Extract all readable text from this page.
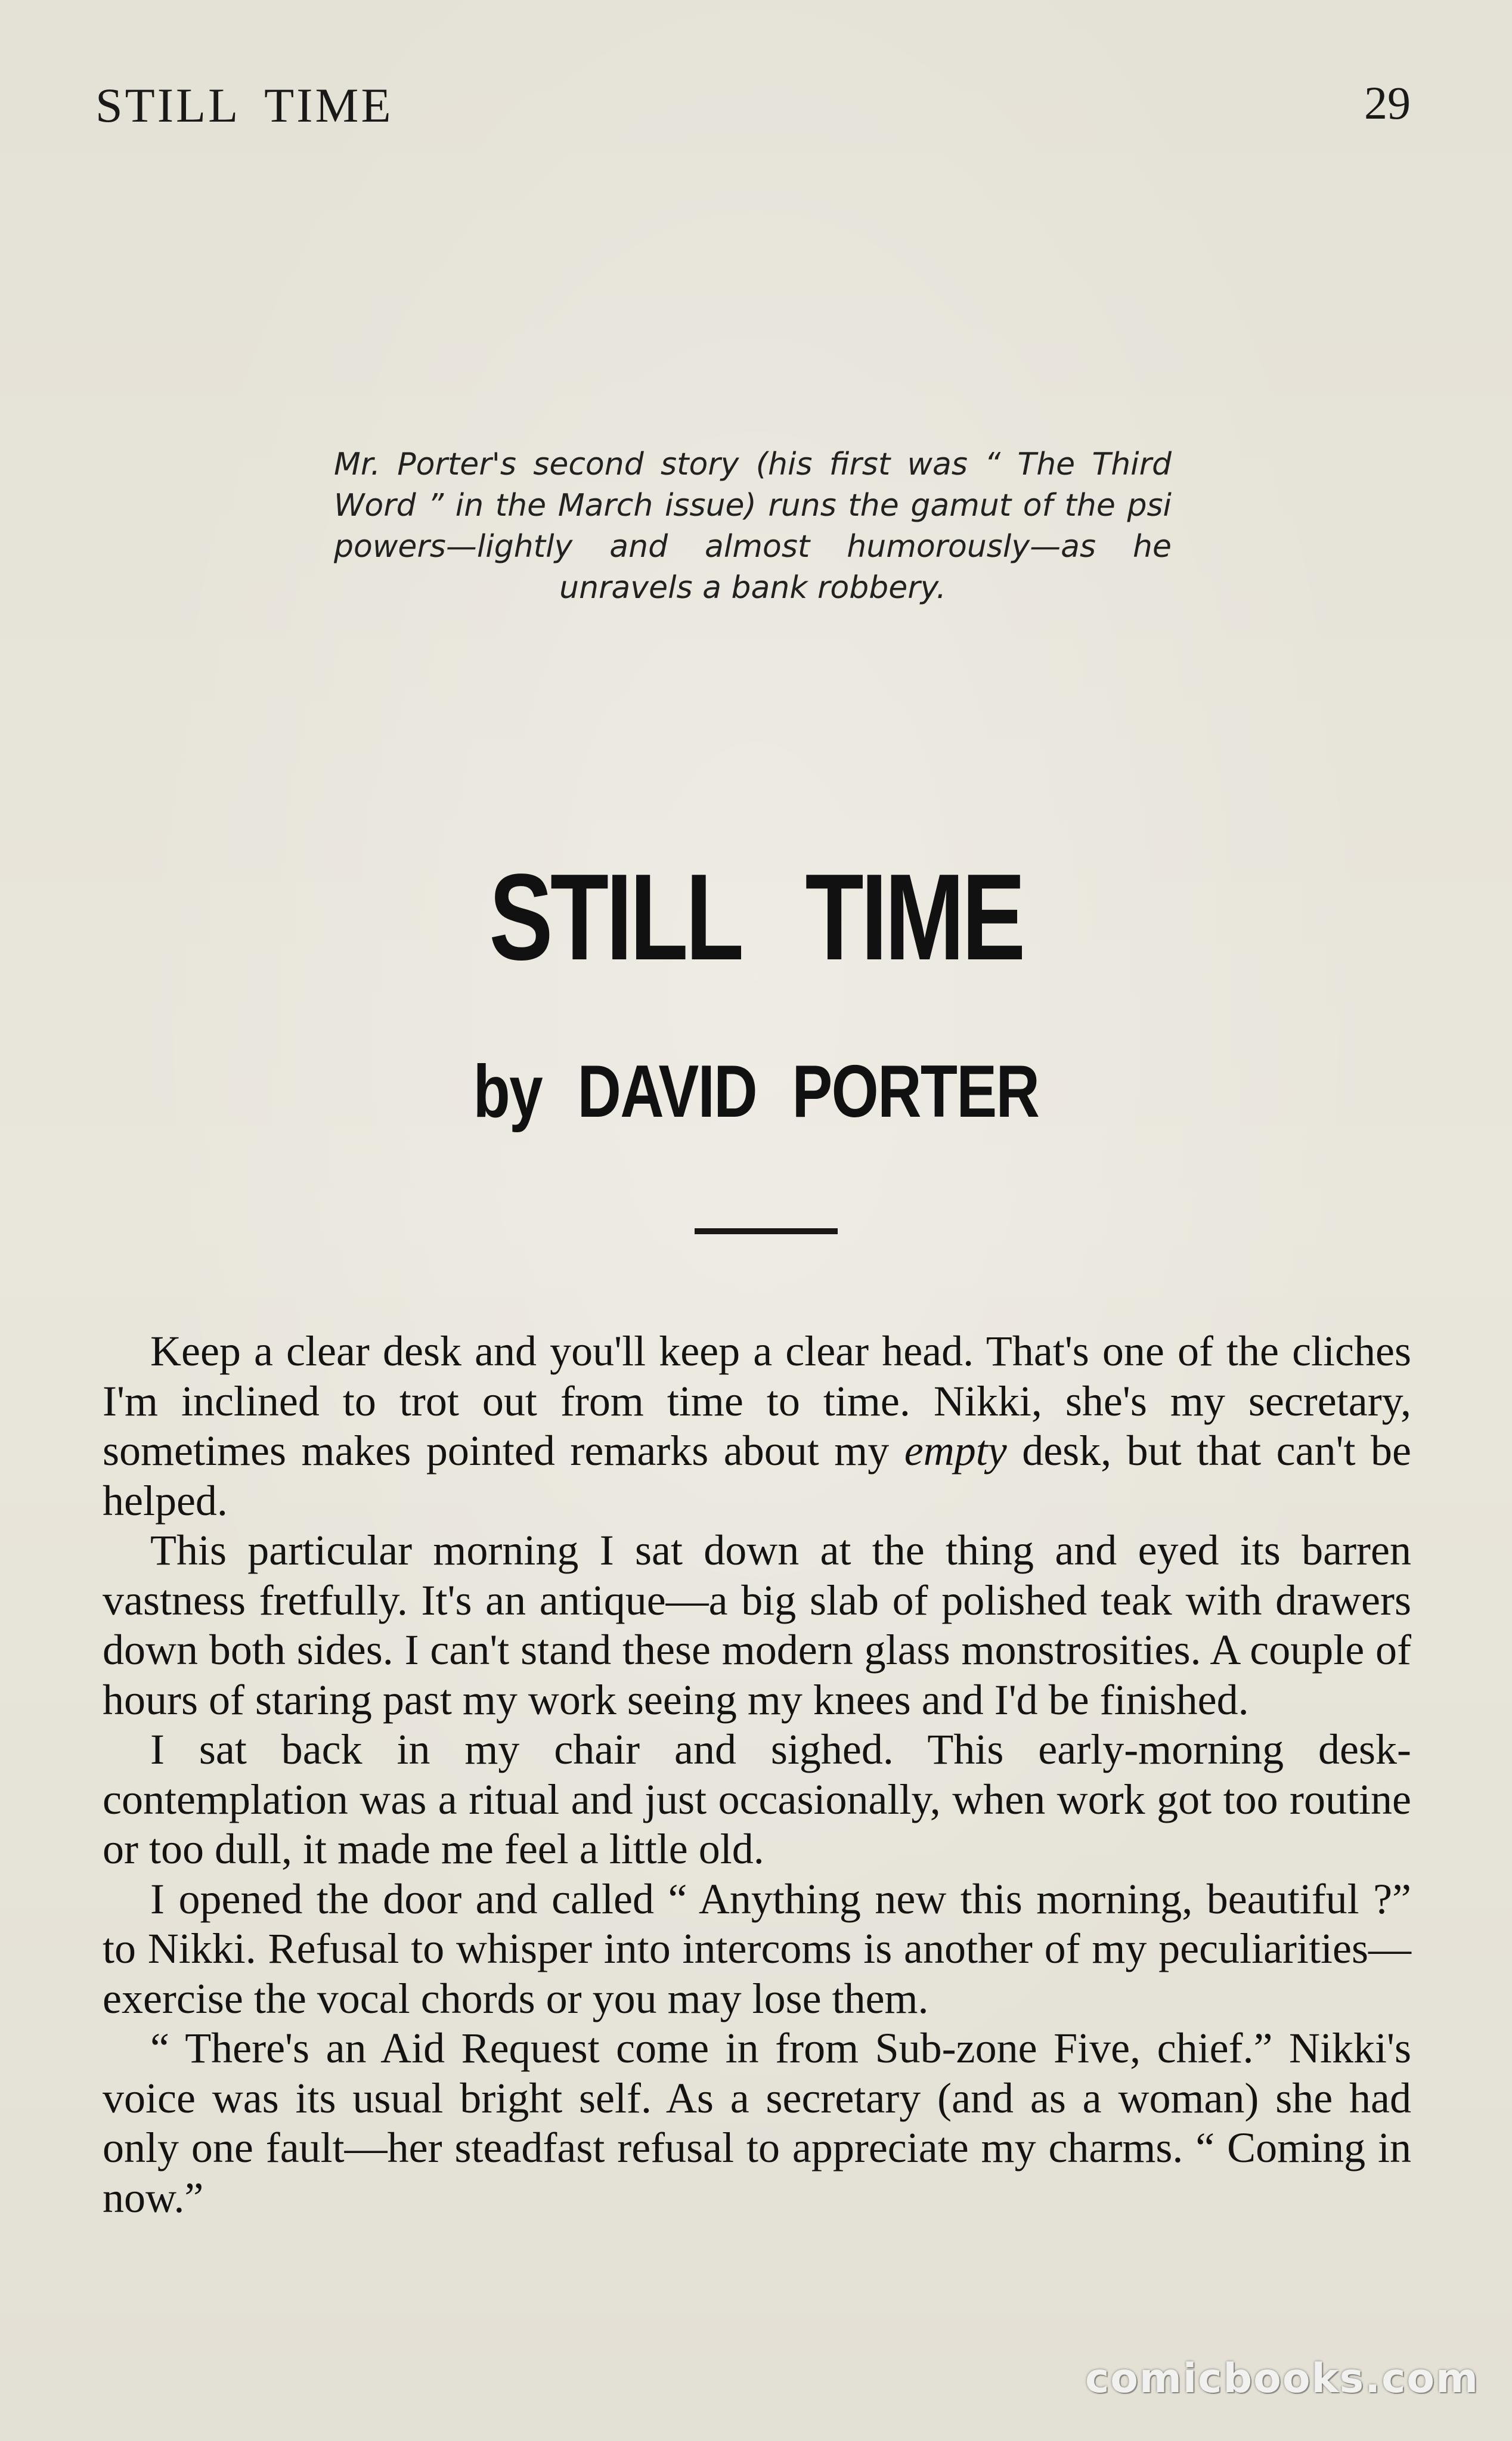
STILL TIME	29
Mr. Porter's second story (his first was “ The Third Word ” in the March issue) runs the gamut of the psi powers—lightly and almost humorously—as he unravels a bank robbery.
STILL TIME
by DAVID PORTER

Keep a clear desk and you'll keep a clear head. That's one of the cliches I'm inclined to trot out from time to time. Nikki, she's my secretary, sometimes makes pointed remarks about my empty desk, but that can't be helped.

This particular morning I sat down at the thing and eyed its barren vastness fretfully. It's an antique—a big slab of polished teak with drawers down both sides. I can't stand these modern glass monstrosities. A couple of hours of staring past my work seeing my knees and I'd be finished.

I sat back in my chair and sighed. This early-morning desk-contemplation was a ritual and just occasionally, when work got too routine or too dull, it made me feel a little old.

I opened the door and called “ Anything new this morning, beautiful ?” to Nikki. Refusal to whisper into intercoms is another of my peculiarities—exercise the vocal chords or you may lose them.

“ There's an Aid Request come in from Sub-zone Five, chief.” Nikki's voice was its usual bright self. As a secretary (and as a woman) she had only one fault—her steadfast refusal to appreciate my charms. “ Coming in now.”

comicbooks.com
